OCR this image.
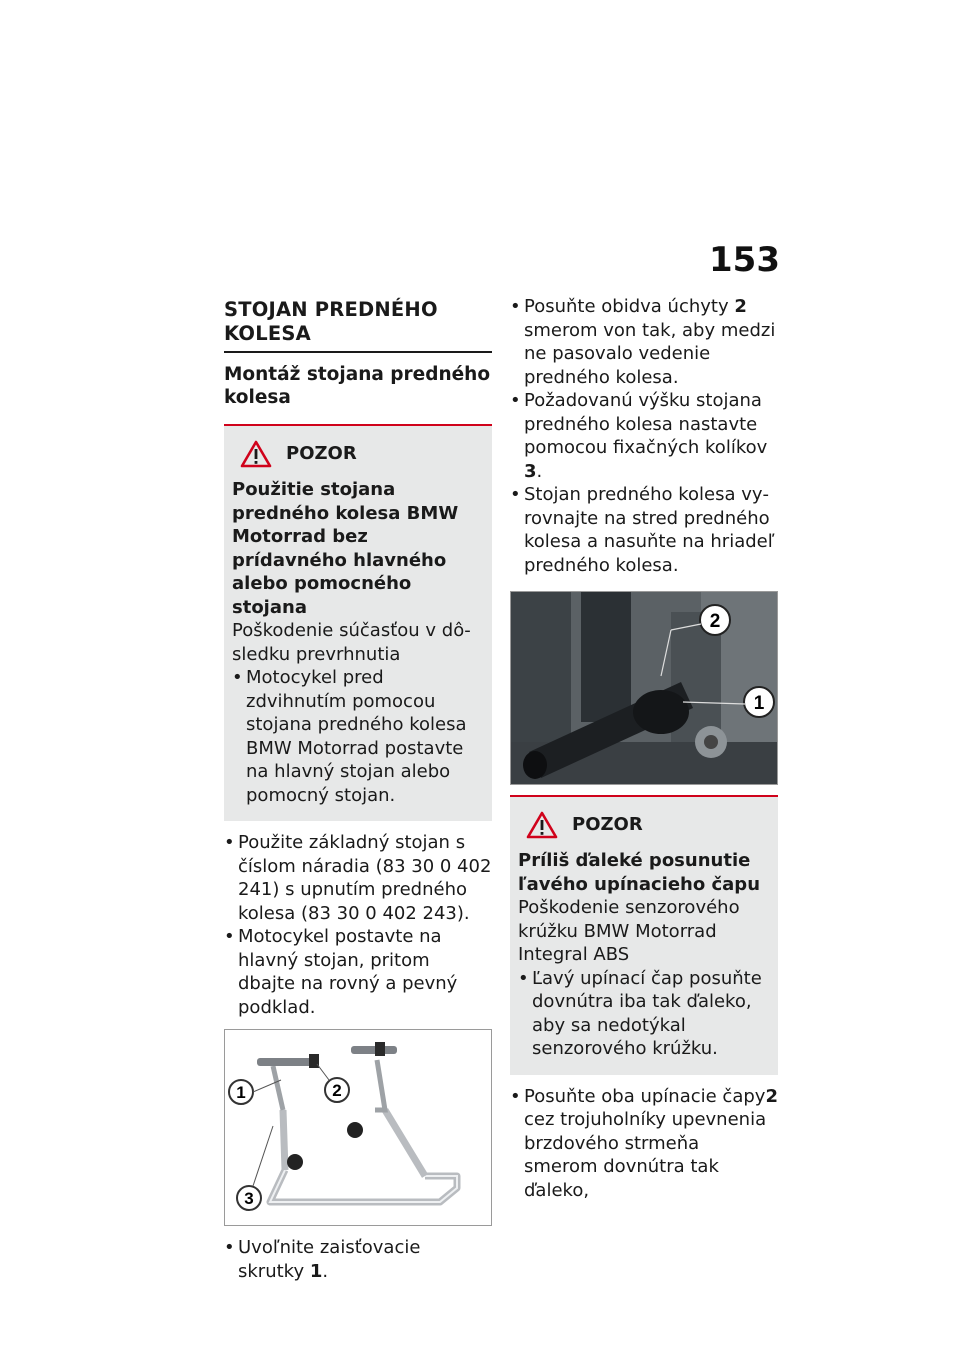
153
STOJAN PREDNÉHO KOLESA
Montáž stojana predného kolesa
POZOR
Použitie stojana predného kolesa BMW Motorrad bez prídavného hlavného alebo pomocného stojana
Poškodenie súčasťou v dôsledku prevrhnutia
• Motocykel pred zdvihnutím pomocou stojana predného kolesa BMW Motorrad postavte na hlavný stojan alebo pomocný stojan.
• Použite základný stojan s číslom náradia (83 30 0 402 241) s upnutím predného kolesa (83 30 0 402 243).
• Motocykel postavte na hlavný stojan, pritom dbajte na rovný a pevný podklad.
1	2
3
• Uvoľnite zaisťovacie skrutky 1.
• Posuňte obidva úchyty 2 smerom von tak, aby medzi ne pasovalo vedenie predného kolesa.
• Požadovanú výšku stojana predného kolesa nastavte pomocou fixačných kolíkov 3.
• Stojan predného kolesa vyrovnajte na stred predného kolesa a nasuňte na hriadeľ predného kolesa.
2
1
POZOR
Príliš ďaleké posunutie ľavého upínacieho čapu
Poškodenie senzorového krúžku BMW Motorrad Integral ABS
• Ľavý upínací čap posuňte dovnútra iba tak ďaleko, aby sa nedotýkal senzorového krúžku.
• Posuňte oba upínacie čapy2 cez trojuholníky upevnenia brzdového strmeňa smerom dovnútra tak ďaleko,
